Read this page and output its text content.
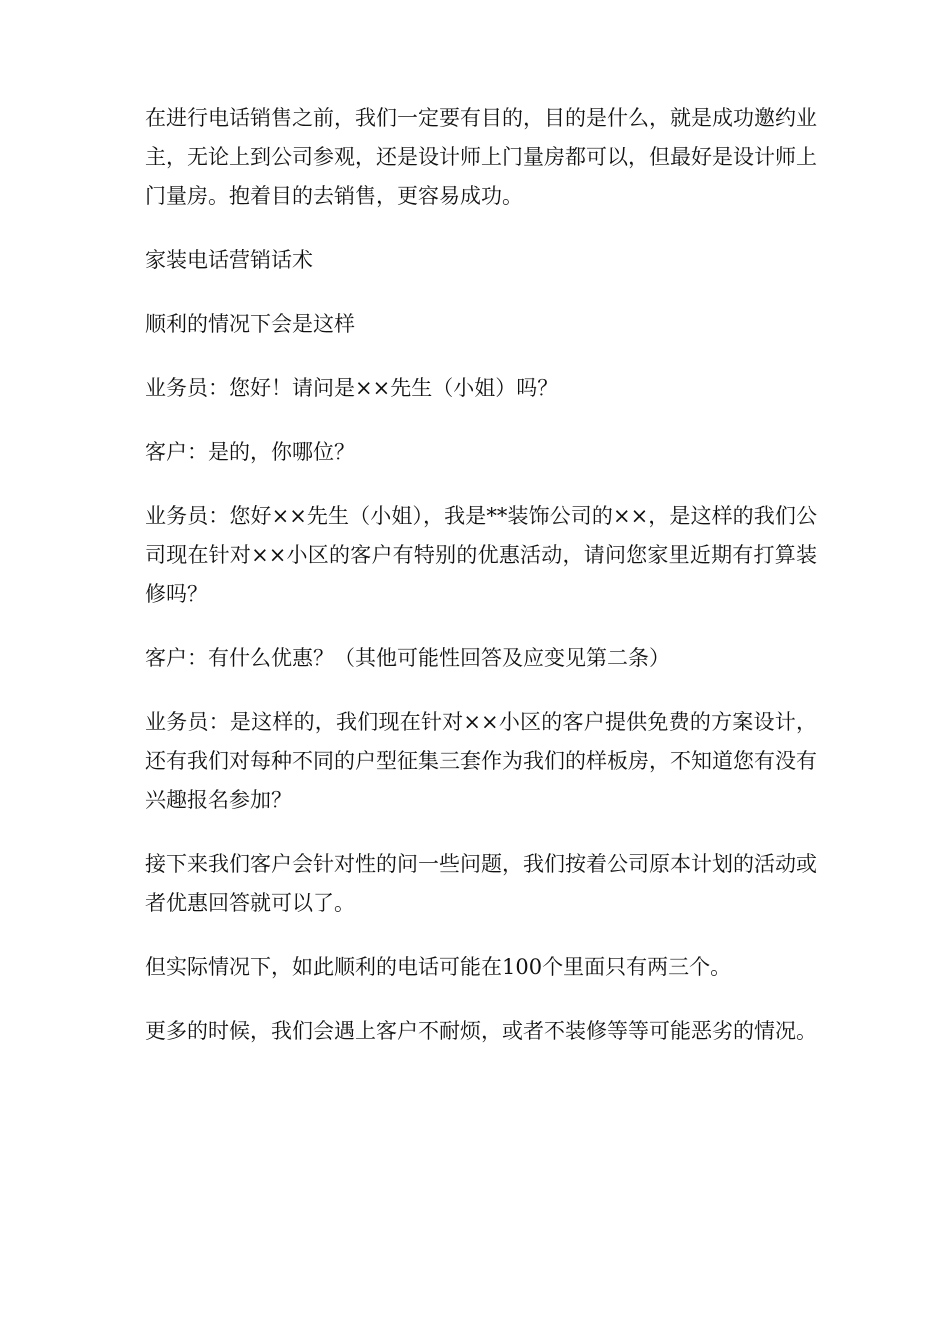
在进行电话销售之前，我们一定要有目的，目的是什么，就是成功邀约业主，无论上到公司参观，还是设计师上门量房都可以，但最好是设计师上门量房。抱着目的去销售，更容易成功。

家装电话营销话术

顺利的情况下会是这样

业务员：您好！请问是××先生（小姐）吗？

客户：是的，你哪位？

业务员：您好××先生（小姐），我是**装饰公司的××，是这样的我们公司现在针对××小区的客户有特别的优惠活动，请问您家里近期有打算装修吗？

客户：有什么优惠？（其他可能性回答及应变见第二条）

业务员：是这样的，我们现在针对××小区的客户提供免费的方案设计，还有我们对每种不同的户型征集三套作为我们的样板房，不知道您有没有兴趣报名参加？

接下来我们客户会针对性的问一些问题，我们按着公司原本计划的活动或者优惠回答就可以了。

但实际情况下，如此顺利的电话可能在100个里面只有两三个。

更多的时候，我们会遇上客户不耐烦，或者不装修等等可能恶劣的情况。
